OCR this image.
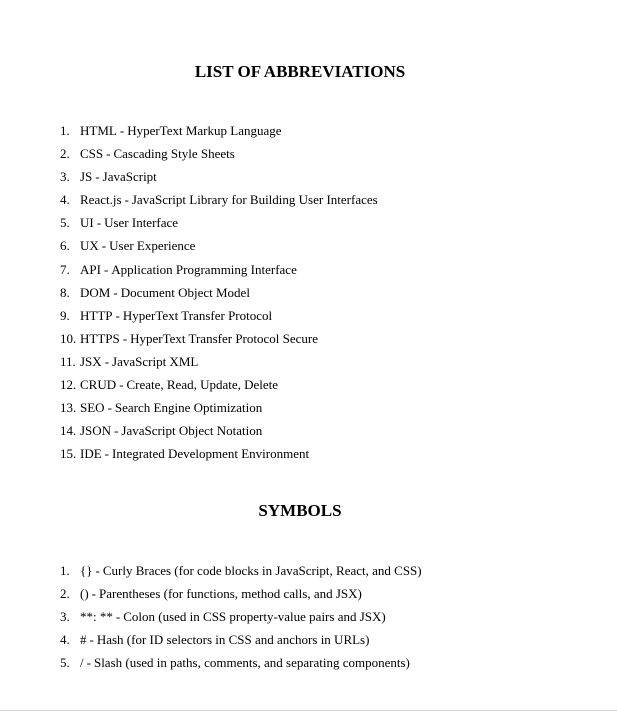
LIST OF ABBREVIATIONS
1. HTML - HyperText Markup Language
2. CSS - Cascading Style Sheets
3. JS - JavaScript
4. React.js - JavaScript Library for Building User Interfaces
5. UI - User Interface
6. UX - User Experience
7. API - Application Programming Interface
8. DOM - Document Object Model
9. HTTP - HyperText Transfer Protocol
10. HTTPS - HyperText Transfer Protocol Secure
11. JSX - JavaScript XML
12. CRUD - Create, Read, Update, Delete
13. SEO - Search Engine Optimization
14. JSON - JavaScript Object Notation
15. IDE - Integrated Development Environment
SYMBOLS
1. {} - Curly Braces (for code blocks in JavaScript, React, and CSS)
2. () - Parentheses (for functions, method calls, and JSX)
3. **: ** - Colon (used in CSS property-value pairs and JSX)
4. # - Hash (for ID selectors in CSS and anchors in URLs)
5. / - Slash (used in paths, comments, and separating components)
